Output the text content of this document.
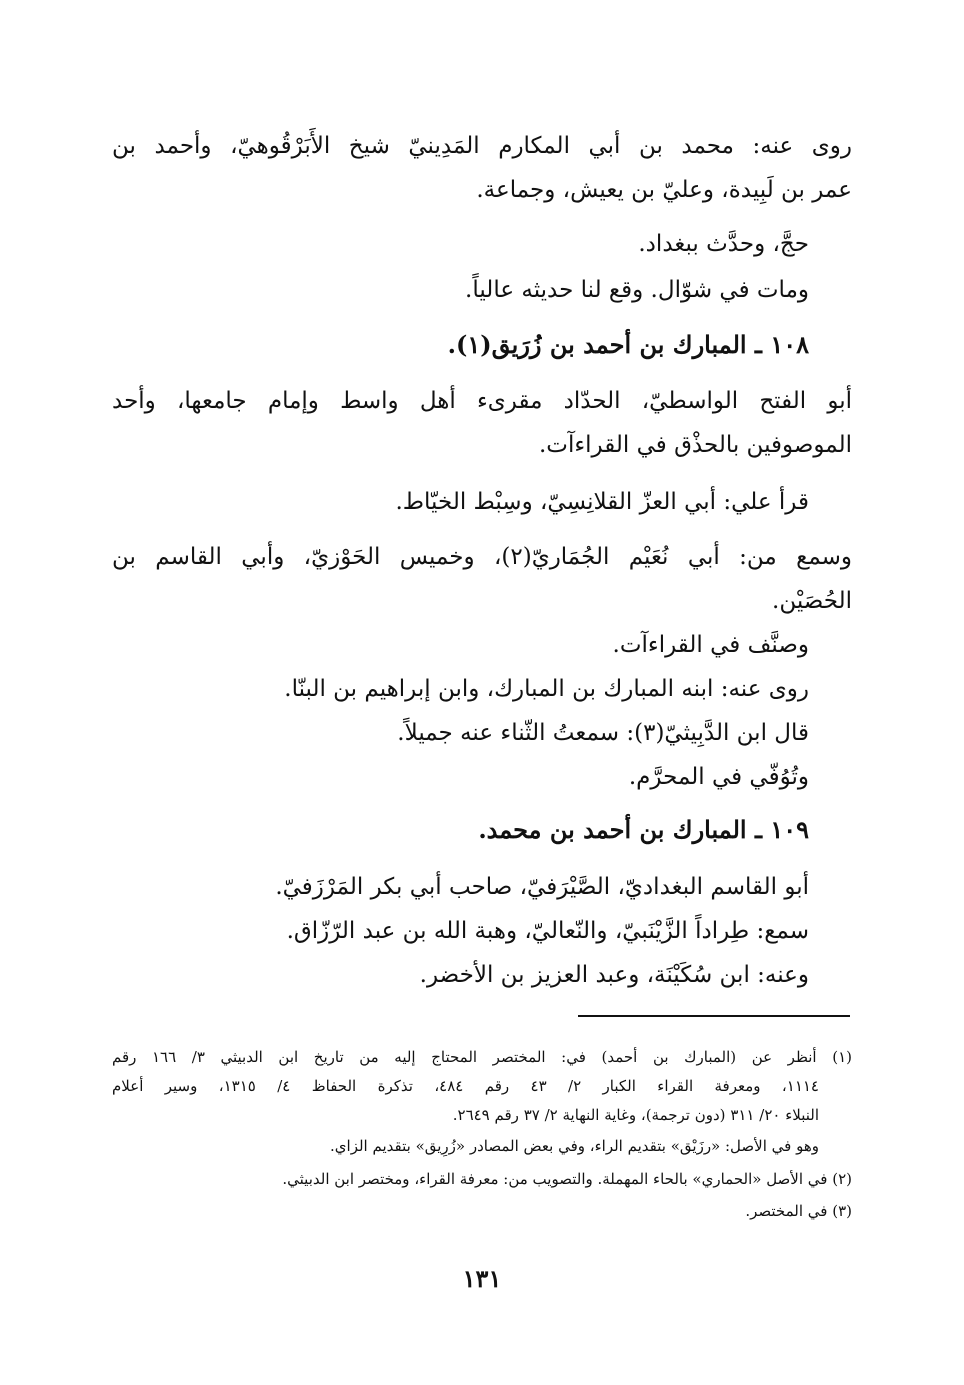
روى عنه: محمد بن أبي المكارم المَدِينيّ شيخ الأَبَرْقُوهيّ، وأحمد بن
عمر بن لَبِيدة، وعليّ بن يعيش، وجماعة.
حجَّ، وحدَّث ببغداد.
ومات في شوّال. وقع لنا حديثه عالياً.
١٠٨ ـ المبارك بن أحمد بن زُرَيق(١).
أبو الفتح الواسطيّ، الحدّاد مقرىء أهل واسط وإمام جامعها، وأحد
الموصوفين بالحذْق في القراءآت.
قرأ علي: أبي العزّ القلانِسِيّ، وسِبْط الخيّاط.
وسمع من: أبي نُعَيْم الجُمَاريّ(٢)، وخميس الحَوْزيّ، وأبي القاسم بن
الحُصَيْن.
وصنَّف في القراءآت.
روى عنه: ابنه المبارك بن المبارك، وابن إبراهيم بن البنّا.
قال ابن الدَّبِيثيّ(٣): سمعتُ الثّناء عنه جميلاً.
وتُوُفّي في المحرَّم.
١٠٩ ـ المبارك بن أحمد بن محمد.
أبو القاسم البغداديّ، الصَّيْرَفيّ، صاحب أبي بكر المَرْزَفيّ.
سمع: طِراداً الزَّيْنَبيّ، والنّعاليّ، وهبة الله بن عبد الرّزّاق.
وعنه: ابن سُكَيْنَة، وعبد العزيز بن الأخضر.
(١) أنظر عن (المبارك بن أحمد) في: المختصر المحتاج إليه من تاريخ ابن الدبيثي ٣/ ١٦٦ رقم
١١١٤، ومعرفة القراء الكبار ٢/ ٤٣ رقم ٤٨٤، تذكرة الحفاظ ٤/ ١٣١٥، وسير أعلام
النبلاء ٢٠/ ٣١١ (دون ترجمة)، وغاية النهاية ٢/ ٣٧ رقم ٢٦٤٩.
وهو في الأصل: «رزَيْق» بتقديم الراء، وفي بعض المصادر «زُرِيق» بتقديم الزاي.
(٢) في الأصل «الحماري» بالحاء المهملة. والتصويب من: معرفة القراء، ومختصر ابن الدبيثي.
(٣) في المختصر.
١٣١
